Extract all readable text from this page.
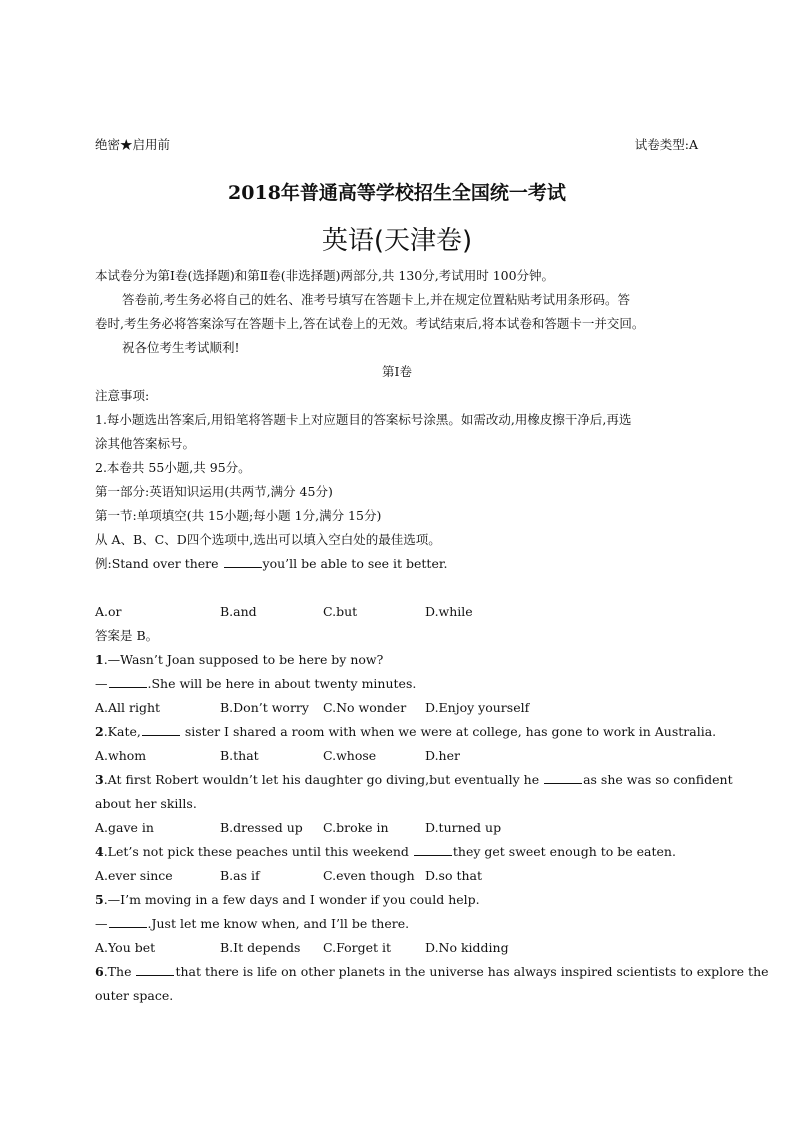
绝密★启用前	试卷类型:A
2018年普通高等学校招生全国统一考试
英语(天津卷)
本试卷分为第Ⅰ卷(选择题)和第Ⅱ卷(非选择题)两部分,共 130分,考试用时 100分钟。
答卷前,考生务必将自己的姓名、准考号填写在答题卡上,并在规定位置粘贴考试用条形码。答
卷时,考生务必将答案涂写在答题卡上,答在试卷上的无效。考试结束后,将本试卷和答题卡一并交回。
祝各位考生考试顺利!
第Ⅰ卷
注意事项:
1.每小题选出答案后,用铅笔将答题卡上对应题目的答案标号涂黑。如需改动,用橡皮擦干净后,再选
涂其他答案标号。
2.本卷共 55小题,共 95分。
第一部分:英语知识运用(共两节,满分 45分)
第一节:单项填空(共 15小题;每小题 1分,满分 15分)
从 A、B、C、D四个选项中,选出可以填入空白处的最佳选项。
例:Stand over there	you’ll be able to see it better.
A.or	B.and	C.but	D.while
答案是 B。
1.—Wasn’t Joan supposed to be here by now?
—	.She will be here in about twenty minutes.
A.All right	B.Don’t worry C.No wonder D.Enjoy yourself
2.Kate,	sister I shared a room with when we were at college, has gone to work in Australia.
A.whom	B.that	C.whose	D.her
3.At first Robert wouldn’t let his daughter go diving,but eventually he	as she was so confident
about her skills.
A.gave in	B.dressed up C.broke in	D.turned up
4.Let’s not pick these peaches until this weekend	they get sweet enough to be eaten.
A.ever since	B.as if	C.even though D.so that
5.—I’m moving in a few days and I wonder if you could help.
—	.Just let me know when, and I’ll be there.
A.You bet	B.It depends C.Forget it	D.No kidding
6.The	that there is life on other planets in the universe has always inspired scientists to explore the
outer space.
